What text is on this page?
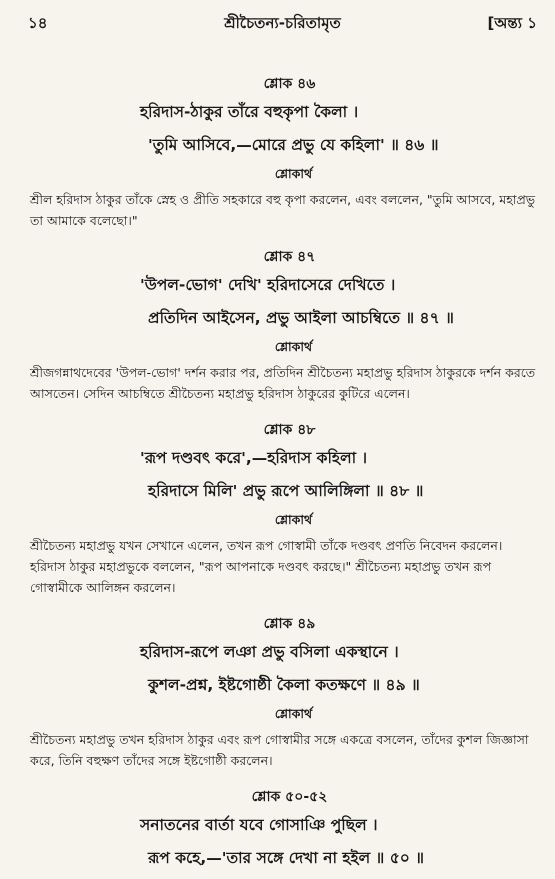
১৪	শ্রীচৈতন্য-চরিতামৃত	[অন্ত্য ১
শ্লোক ৪৬
হরিদাস-ঠাকুর তাঁরে বহুকৃপা কৈলা ।
'তুমি আসিবে,—মোরে প্রভু যে কহিলা' ॥ ৪৬ ॥
শ্লোকার্থ
শ্রীল হরিদাস ঠাকুর তাঁকে স্নেহ ও প্রীতি সহকারে বহু কৃপা করলেন, এবং বললেন, "তুমি আসবে, মহাপ্রভু তা আমাকে বলেছো।"
শ্লোক ৪৭
'উপল-ভোগ' দেখি' হরিদাসেরে দেখিতে ।
প্রতিদিন আইসেন, প্রভু আইলা আচম্বিতে ॥ ৪৭ ॥
শ্লোকার্থ
শ্রীজগন্নাথদেবের 'উপল-ভোগ' দর্শন করার পর, প্রতিদিন শ্রীচৈতন্য মহাপ্রভু হরিদাস ঠাকুরকে দর্শন করতে আসতেন। সেদিন আচম্বিতে শ্রীচৈতন্য মহাপ্রভু হরিদাস ঠাকুরের কুটিরে এলেন।
শ্লোক ৪৮
'রূপ দণ্ডবৎ করে',—হরিদাস কহিলা ।
হরিদাসে মিলি' প্রভু রূপে আলিঙ্গিলা ॥ ৪৮ ॥
শ্লোকার্থ
শ্রীচৈতন্য মহাপ্রভু যখন সেখানে এলেন, তখন রূপ গোস্বামী তাঁকে দণ্ডবৎ প্রণতি নিবেদন করলেন। হরিদাস ঠাকুর মহাপ্রভুকে বললেন, "রূপ আপনাকে দণ্ডবৎ করছে।" শ্রীচৈতন্য মহাপ্রভু তখন রূপ গোস্বামীকে আলিঙ্গন করলেন।
শ্লোক ৪৯
হরিদাস-রূপে লঞা প্রভু বসিলা একস্থানে ।
কুশল-প্রশ্ন, ইষ্টগোষ্ঠী কৈলা কতক্ষণে ॥ ৪৯ ॥
শ্লোকার্থ
শ্রীচৈতন্য মহাপ্রভু তখন হরিদাস ঠাকুর এবং রূপ গোস্বামীর সঙ্গে একত্রে বসলেন, তাঁদের কুশল জিজ্ঞাসা করে, তিনি বহুক্ষণ তাঁদের সঙ্গে ইষ্টগোষ্ঠী করলেন।
শ্লোক ৫০-৫২
সনাতনের বার্তা যবে গোসাঞি পুছিল ।
রূপ কহে,—'তার সঙ্গে দেখা না হইল ॥ ৫০ ॥
